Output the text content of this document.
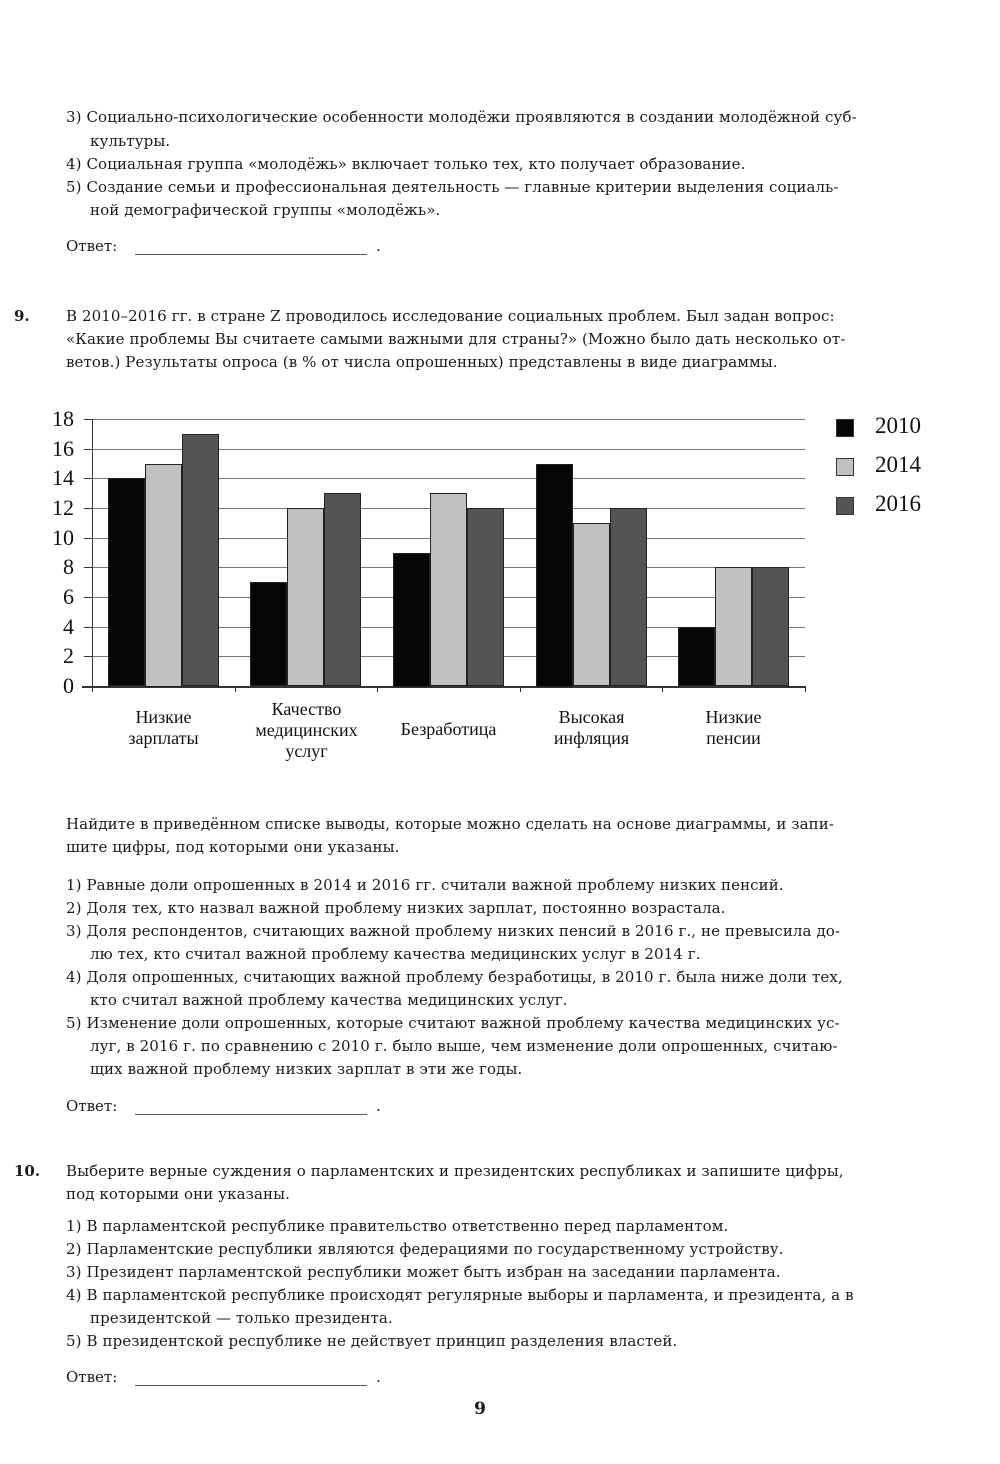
3) Социально-психологические особенности молодёжи проявляются в создании молодёжной суб-
культуры.
4) Социальная группа «молодёжь» включает только тех, кто получает образование.
5) Создание семьи и профессиональная деятельность — главные критерии выделения социаль-
ной демографической группы «молодёжь».
Ответ:	.
9. В 2010–2016 гг. в стране Z проводилось исследование социальных проблем. Был задан вопрос:
«Какие проблемы Вы считаете самыми важными для страны?» (Можно было дать несколько от-
ветов.) Результаты опроса (в % от числа опрошенных) представлены в виде диаграммы.
0
2
4
6
8
10
12
14
16
18
Низкие
зарплаты
Качество
медицинских
услуг
Безработица
Высокая
инфляция
Низкие
пенсии
2010
2014
2016
Найдите в приведённом списке выводы, которые можно сделать на основе диаграммы, и запи-
шите цифры, под которыми они указаны.
1) Равные доли опрошенных в 2014 и 2016 гг. считали важной проблему низких пенсий.
2) Доля тех, кто назвал важной проблему низких зарплат, постоянно возрастала.
3) Доля респондентов, считающих важной проблему низких пенсий в 2016 г., не превысила до-
лю тех, кто считал важной проблему качества медицинских услуг в 2014 г.
4) Доля опрошенных, считающих важной проблему безработицы, в 2010 г. была ниже доли тех,
кто считал важной проблему качества медицинских услуг.
5) Изменение доли опрошенных, которые считают важной проблему качества медицинских ус-
луг, в 2016 г. по сравнению с 2010 г. было выше, чем изменение доли опрошенных, считаю-
щих важной проблему низких зарплат в эти же годы.
Ответ:	.
10. Выберите верные суждения о парламентских и президентских республиках и запишите цифры,
под которыми они указаны.
1) В парламентской республике правительство ответственно перед парламентом.
2) Парламентские республики являются федерациями по государственному устройству.
3) Президент парламентской республики может быть избран на заседании парламента.
4) В парламентской республике происходят регулярные выборы и парламента, и президента, а в
президентской — только президента.
5) В президентской республике не действует принцип разделения властей.
Ответ:	.
9
